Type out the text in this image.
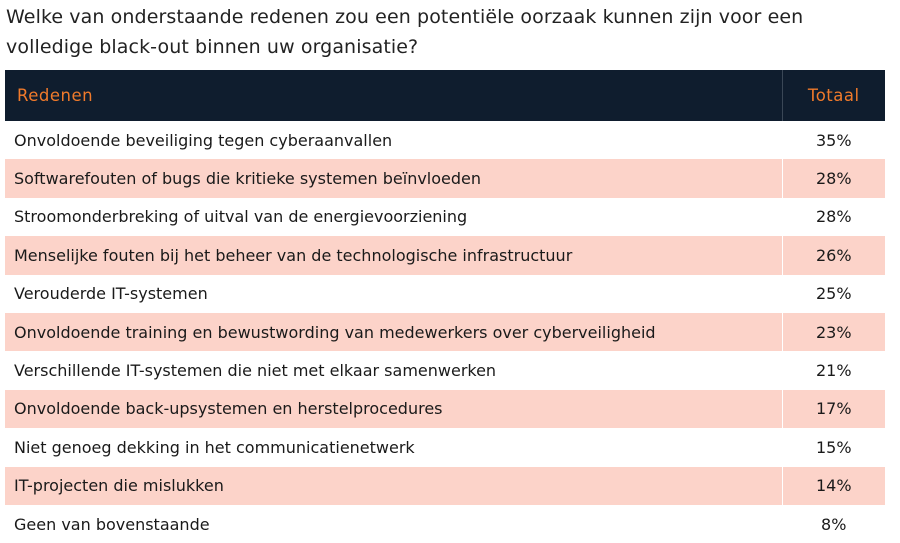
Welke van onderstaande redenen zou een potentiële oorzaak kunnen zijn voor een volledige black-out binnen uw organisatie?
Redenen	Totaal
Onvoldoende beveiliging tegen cyberaanvallen	35%
Softwarefouten of bugs die kritieke systemen beïnvloeden	28%
Stroomonderbreking of uitval van de energievoorziening	28%
Menselijke fouten bij het beheer van de technologische infrastructuur	26%
Verouderde IT-systemen	25%
Onvoldoende training en bewustwording van medewerkers over cyberveiligheid	23%
Verschillende IT-systemen die niet met elkaar samenwerken	21%
Onvoldoende back-upsystemen en herstelprocedures	17%
Niet genoeg dekking in het communicatienetwerk	15%
IT-projecten die mislukken	14%
Geen van bovenstaande	8%
